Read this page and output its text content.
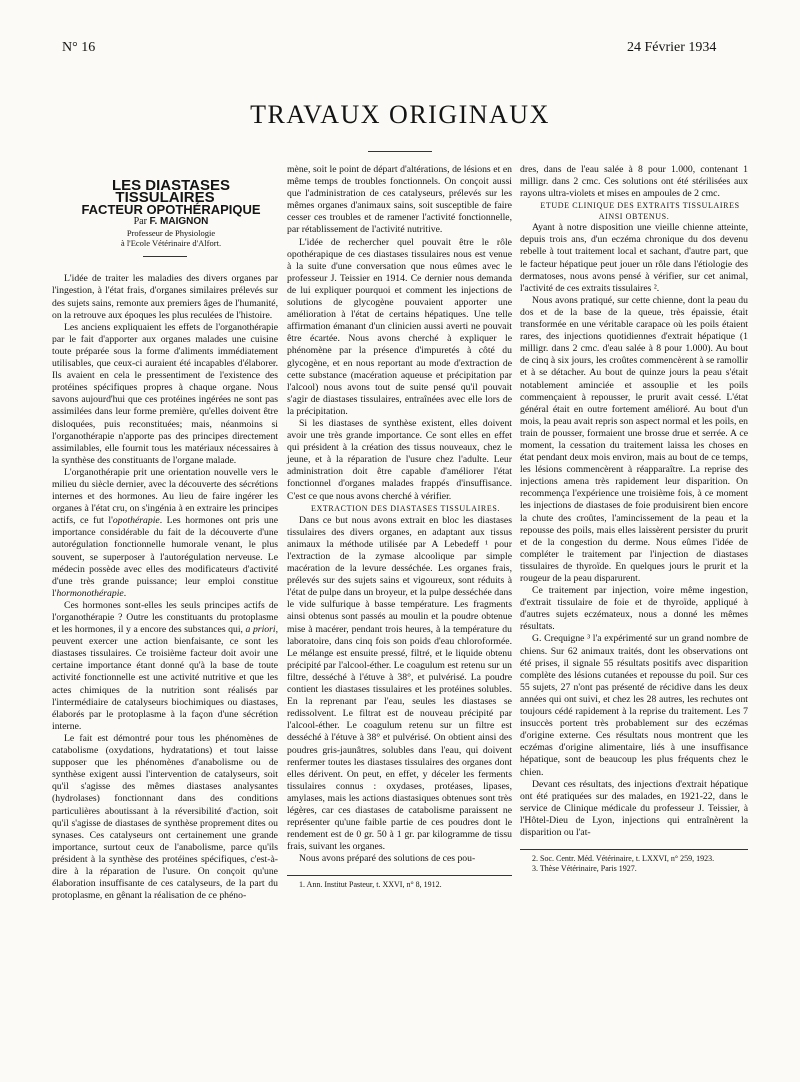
N° 16	24 Février 1934
TRAVAUX ORIGINAUX

LES DIASTASES TISSULAIRES

FACTEUR OPOTHÉRAPIQUE

Par F. MAIGNON

Professeur de Physiologie

à l'Ecole Vétérinaire d'Alfort.

L'idée de traiter les maladies des divers organes par l'ingestion, à l'état frais, d'organes similaires prélevés sur des sujets sains, remonte aux premiers âges de l'humanité, on la retrouve aux époques les plus reculées de l'histoire.

Les anciens expliquaient les effets de l'organothérapie par le fait d'apporter aux organes malades une cuisine toute préparée sous la forme d'aliments immédiatement utilisables, que ceux-ci auraient été incapables d'élaborer. Ils avaient en cela le pressentiment de l'existence des protéines spécifiques propres à chaque organe. Nous savons aujourd'hui que ces protéines ingérées ne sont pas assimilées dans leur forme première, qu'elles doivent être disloquées, puis reconstituées; mais, néanmoins si l'organothérapie n'apporte pas des principes directement assimilables, elle fournit tous les matériaux nécessaires à la synthèse des constituants de l'organe malade.

L'organothérapie prit une orientation nouvelle vers le milieu du siècle dernier, avec la découverte des sécrétions internes et des hormones. Au lieu de faire ingérer les organes à l'état cru, on s'ingénia à en extraire les principes actifs, ce fut l'opothérapie. Les hormones ont pris une importance considérable du fait de la découverte d'une autorégulation fonctionnelle humorale venant, le plus souvent, se superposer à l'autorégulation nerveuse. Le médecin possède avec elles des modificateurs d'activité d'une très grande puissance; leur emploi constitue l'hormonothérapie.

Ces hormones sont-elles les seuls principes actifs de l'organothérapie ? Outre les constituants du protoplasme et les hormones, il y a encore des substances qui, a priori, peuvent exercer une action bienfaisante, ce sont les diastases tissulaires. Ce troisième facteur doit avoir une certaine importance étant donné qu'à la base de toute activité fonctionnelle est une activité nutritive et que les actes chimiques de la nutrition sont réalisés par l'intermédiaire de catalyseurs biochimiques ou diastases, élaborés par le protoplasme à la façon d'une sécrétion interne.

Le fait est démontré pour tous les phénomènes de catabolisme (oxydations, hydratations) et tout laisse supposer que les phénomènes d'anabolisme ou de synthèse exigent aussi l'intervention de catalyseurs, soit qu'il s'agisse des mêmes diastases analysantes (hydrolases) fonctionnant dans des conditions particulières aboutissant à la réversibilité d'action, soit qu'il s'agisse de diastases de synthèse proprement dites ou synases. Ces catalyseurs ont certainement une grande importance, surtout ceux de l'anabolisme, parce qu'ils président à la synthèse des protéines spécifiques, c'est-à-dire à la réparation de l'usure. On conçoit qu'une élaboration insuffisante de ces catalyseurs, de la part du protoplasme, en gênant la réalisation de ce phéno-

mène, soit le point de départ d'altérations, de lésions et en même temps de troubles fonctionnels. On conçoit aussi que l'administration de ces catalyseurs, prélevés sur les mêmes organes d'animaux sains, soit susceptible de faire cesser ces troubles et de ramener l'activité fonctionnelle, par rétablissement de l'activité nutritive.

L'idée de rechercher quel pouvait être le rôle opothérapique de ces diastases tissulaires nous est venue à la suite d'une conversation que nous eûmes avec le professeur J. Teissier en 1914. Ce dernier nous demanda de lui expliquer pourquoi et comment les injections de solutions de glycogène pouvaient apporter une amélioration à l'état de certains hépatiques. Une telle affirmation émanant d'un clinicien aussi averti ne pouvait être écartée. Nous avons cherché à expliquer le phénomène par la présence d'impuretés à côté du glycogène, et en nous reportant au mode d'extraction de cette substance (macération aqueuse et précipitation par l'alcool) nous avons tout de suite pensé qu'il pouvait s'agir de diastases tissulaires, entraînées avec elle lors de la précipitation.

Si les diastases de synthèse existent, elles doivent avoir une très grande importance. Ce sont elles en effet qui président à la création des tissus nouveaux, chez le jeune, et à la réparation de l'usure chez l'adulte. Leur administration doit être capable d'améliorer l'état fonctionnel d'organes malades frappés d'insuffisance. C'est ce que nous avons cherché à vérifier.

EXTRACTION DES DIASTASES TISSULAIRES.

Dans ce but nous avons extrait en bloc les diastases tissulaires des divers organes, en adaptant aux tissus animaux la méthode utilisée par A Lebedeff ¹ pour l'extraction de la zymase alcoolique par simple macération de la levure desséchée. Les organes frais, prélevés sur des sujets sains et vigoureux, sont réduits à l'état de pulpe dans un broyeur, et la pulpe desséchée dans le vide sulfurique à basse température. Les fragments ainsi obtenus sont passés au moulin et la poudre obtenue mise à macérer, pendant trois heures, à la température du laboratoire, dans cinq fois son poids d'eau chloroformée. Le mélange est ensuite pressé, filtré, et le liquide obtenu précipité par l'alcool-éther. Le coagulum est retenu sur un filtre, desséché à l'étuve à 38°, et pulvérisé. La poudre contient les diastases tissulaires et les protéines solubles. En la reprenant par l'eau, seules les diastases se redissolvent. Le filtrat est de nouveau précipité par l'alcool-éther. Le coagulum retenu sur un filtre est desséché à l'étuve à 38° et pulvérisé. On obtient ainsi des poudres gris-jaunâtres, solubles dans l'eau, qui doivent renfermer toutes les diastases tissulaires des organes dont elles dérivent. On peut, en effet, y déceler les ferments tissulaires connus : oxydases, protéases, lipases, amylases, mais les actions diastasiques obtenues sont très légères, car ces diastases de catabolisme paraissent ne représenter qu'une faible partie de ces poudres dont le rendement est de 0 gr. 50 à 1 gr. par kilogramme de tissu frais, suivant les organes.

Nous avons préparé des solutions de ces pou-

1. Ann. Institut Pasteur, t. XXVI, n° 8, 1912.

dres, dans de l'eau salée à 8 pour 1.000, contenant 1 milligr. dans 2 cmc. Ces solutions ont été stérilisées aux rayons ultra-violets et mises en ampoules de 2 cmc.

ETUDE CLINIQUE DES EXTRAITS TISSULAIRES
AINSI OBTENUS.

Ayant à notre disposition une vieille chienne atteinte, depuis trois ans, d'un eczéma chronique du dos devenu rebelle à tout traitement local et sachant, d'autre part, que le facteur hépatique peut jouer un rôle dans l'étiologie des dermatoses, nous avons pensé à vérifier, sur cet animal, l'activité de ces extraits tissulaires ².

Nous avons pratiqué, sur cette chienne, dont la peau du dos et de la base de la queue, très épaissie, était transformée en une véritable carapace où les poils étaient rares, des injections quotidiennes d'extrait hépatique (1 milligr. dans 2 cmc. d'eau salée à 8 pour 1.000). Au bout de cinq à six jours, les croûtes commencèrent à se ramollir et à se détacher. Au bout de quinze jours la peau s'était notablement aminciée et assouplie et les poils commençaient à repousser, le prurit avait cessé. L'état général était en outre fortement amélioré. Au bout d'un mois, la peau avait repris son aspect normal et les poils, en train de pousser, formaient une brosse drue et serrée. A ce moment, la cessation du traitement laissa les choses en état pendant deux mois environ, mais au bout de ce temps, les lésions commencèrent à réapparaître. La reprise des injections amena très rapidement leur disparition. On recommença l'expérience une troisième fois, à ce moment les injections de diastases de foie produisirent bien encore la chute des croûtes, l'amincissement de la peau et la repousse des poils, mais elles laissèrent persister du prurit et de la congestion du derme. Nous eûmes l'idée de compléter le traitement par l'injection de diastases tissulaires de thyroïde. En quelques jours le prurit et la rougeur de la peau disparurent.

Ce traitement par injection, voire même ingestion, d'extrait tissulaire de foie et de thyroïde, appliqué à d'autres sujets eczémateux, nous a donné les mêmes résultats.

G. Crequigne ³ l'a expérimenté sur un grand nombre de chiens. Sur 62 animaux traités, dont les observations ont été prises, il signale 55 résultats positifs avec disparition complète des lésions cutanées et repousse du poil. Sur ces 55 sujets, 27 n'ont pas présenté de récidive dans les deux années qui ont suivi, et chez les 28 autres, les rechutes ont toujours cédé rapidement à la reprise du traitement. Les 7 insuccès portent très probablement sur des eczémas d'origine externe. Ces résultats nous montrent que les eczémas d'origine alimentaire, liés à une insuffisance hépatique, sont de beaucoup les plus fréquents chez le chien.

Devant ces résultats, des injections d'extrait hépatique ont été pratiquées sur des malades, en 1921-22, dans le service de Clinique médicale du professeur J. Teissier, à l'Hôtel-Dieu de Lyon, injections qui entraînèrent la disparition ou l'at-

2. Soc. Centr. Méd. Vétérinaire, t. LXXVI, n° 259, 1923.

3. Thèse Vétérinaire, Paris 1927.
